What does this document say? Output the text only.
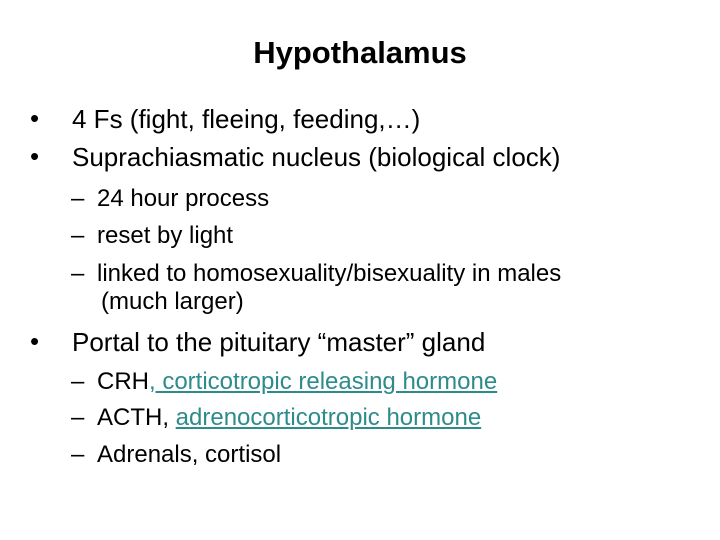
Hypothalamus
• 4 Fs (fight, fleeing, feeding,…)
• Suprachiasmatic nucleus (biological clock)
– 24 hour process
– reset by light
– linked to homosexuality/bisexuality in males
(much larger)
• Portal to the pituitary “master” gland
– CRH, corticotropic releasing hormone
– ACTH, adrenocorticotropic hormone
– Adrenals, cortisol
